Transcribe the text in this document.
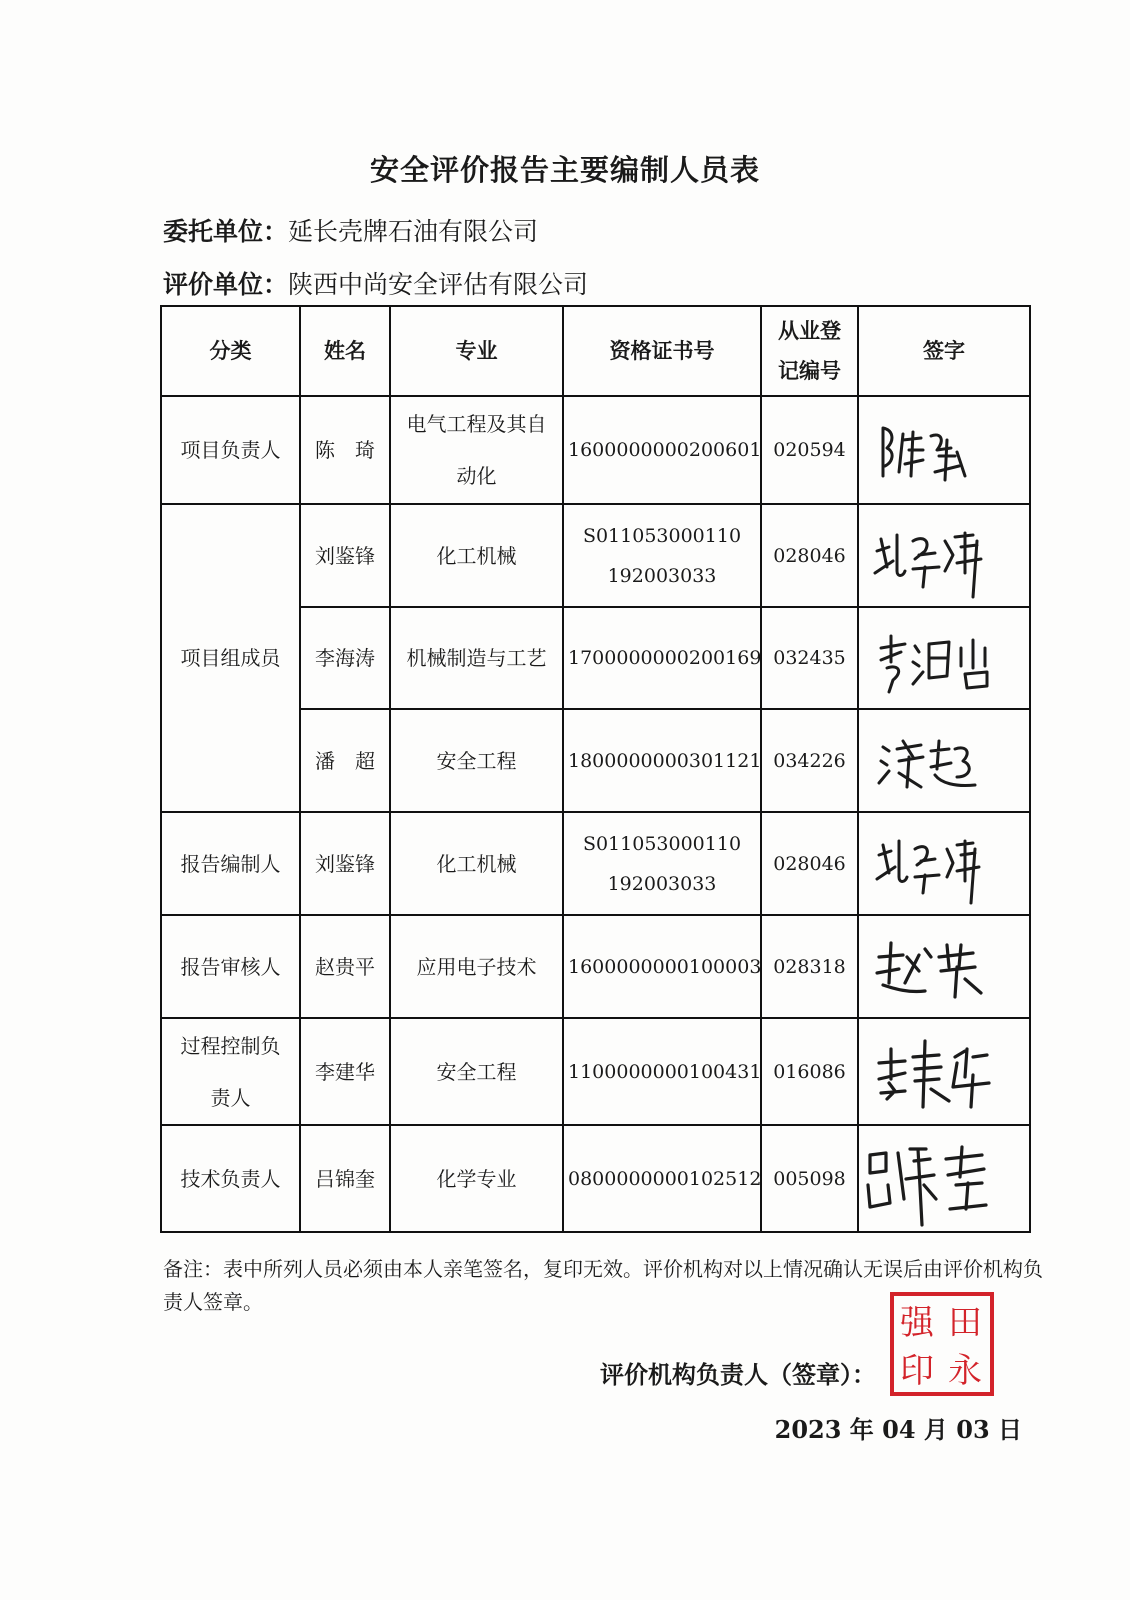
安全评价报告主要编制人员表
委托单位：延长壳牌石油有限公司
评价单位：陕西中尚安全评估有限公司
分类	姓名	专业	资格证书号	从业登记编号	签字
项目负责人	陈　琦	电气工程及其自动化	1600000000200601	020594	

项目组成员	刘鉴锋	化工机械	S011053000110192003033	028046	

	李海涛	机械制造与工艺	1700000000200169	032435	

	潘　超	安全工程	1800000000301121	034226	

报告编制人	刘鉴锋	化工机械	S011053000110192003033	028046	

报告审核人	赵贵平	应用电子技术	1600000000100003	028318	

过程控制负责人	李建华	安全工程	1100000000100431	016086	

技术负责人	吕锦奎	化学专业	0800000000102512	005098	
备注：表中所列人员必须由本人亲笔签名，复印无效。评价机构对以上情况确认无误后由评价机构负责人签章。
评价机构负责人（签章）：
田
永
强
印
2023 年 04 月 03 日
